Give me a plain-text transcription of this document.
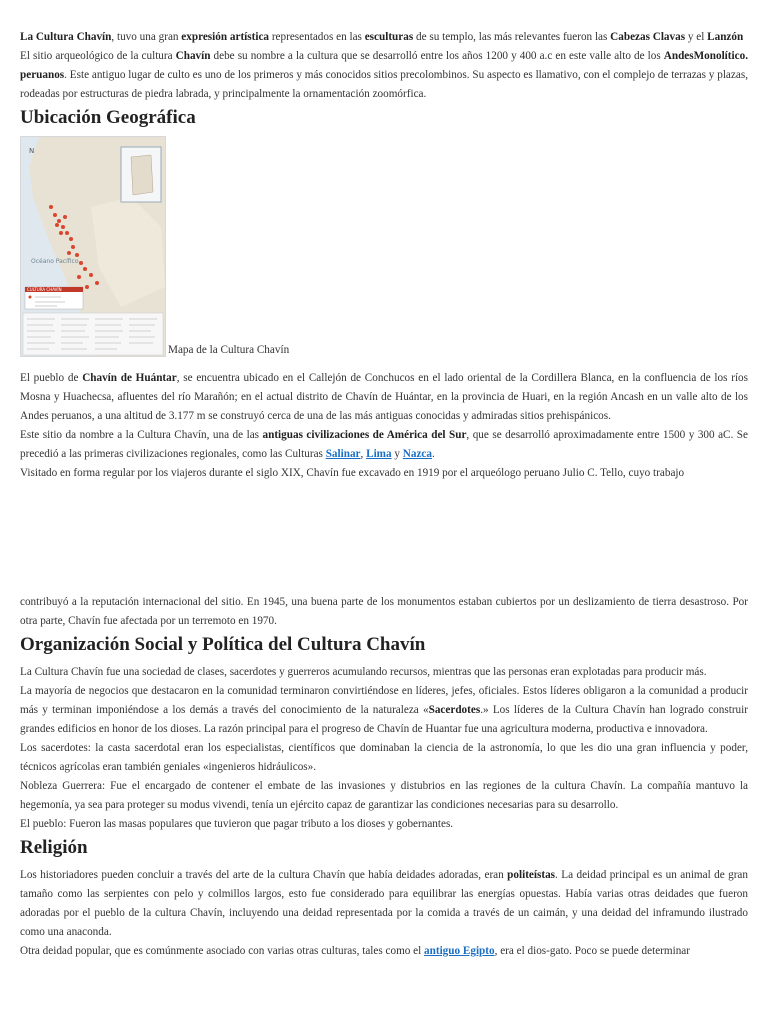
La Cultura Chavín, tuvo una gran expresión artística representados en las esculturas de su templo, las más relevantes fueron las Cabezas Clavas y el Lanzón
Monolítico.

El sitio arqueológico de la cultura Chavín debe su nombre a la cultura que se desarrolló entre los años 1200 y 400 a.c en este valle alto de los Andes peruanos. Este antiguo lugar de culto es uno de los primeros y más conocidos sitios precolombinos. Su aspecto es llamativo, con el complejo de terrazas y plazas, rodeadas por estructuras de piedra labrada, y principalmente la ornamentación zoomórfica.

Ubicación Geográfica
N
Océano Pacífico
CULTURA CHAVÍN
Mapa de la Cultura Chavín

El pueblo de Chavín de Huántar, se encuentra ubicado en el Callejón de Conchucos en el lado oriental de la Cordillera Blanca, en la confluencia de los ríos Mosna y Huachecsa, afluentes del río Marañón; en el actual distrito de Chavín de Huántar, en la provincia de Huari, en la región Ancash en un valle alto de los Andes peruanos, a una altitud de 3.177 m se construyó cerca de una de las más antiguas conocidas y admiradas sitios prehispánicos.

Este sitio da nombre a la Cultura Chavín, una de las antiguas civilizaciones de América del Sur, que se desarrolló aproximadamente entre 1500 y 300 aC. Se precedió a las primeras civilizaciones regionales, como las Culturas Salinar, Lima y Nazca.

Visitado en forma regular por los viajeros durante el siglo XIX, Chavín fue excavado en 1919 por el arqueólogo peruano Julio C. Tello, cuyo trabajo

contribuyó a la reputación internacional del sitio. En 1945, una buena parte de los monumentos estaban cubiertos por un deslizamiento de tierra desastroso. Por otra parte, Chavín fue afectada por un terremoto en 1970.

Organización Social y Política del Cultura Chavín

La Cultura Chavín fue una sociedad de clases, sacerdotes y guerreros acumulando recursos, mientras que las personas eran explotadas para producir más.

La mayoría de negocios que destacaron en la comunidad terminaron convirtiéndose en líderes, jefes, oficiales. Estos líderes obligaron a la comunidad a producir más y terminan imponiéndose a los demás a través del conocimiento de la naturaleza «Sacerdotes.» Los líderes de la Cultura Chavín han logrado construir grandes edificios en honor de los dioses. La razón principal para el progreso de Chavín de Huantar fue una agricultura moderna, productiva e innovadora.

Los sacerdotes: la casta sacerdotal eran los especialistas, científicos que dominaban la ciencia de la astronomía, lo que les dio una gran influencia y poder, técnicos agrícolas eran también geniales «ingenieros hidráulicos».

Nobleza Guerrera: Fue el encargado de contener el embate de las invasiones y distubrios en las regiones de la cultura Chavín. La compañía mantuvo la hegemonía, ya sea para proteger su modus vivendi, tenía un ejército capaz de garantizar las condiciones necesarias para su desarrollo.

El pueblo: Fueron las masas populares que tuvieron que pagar tributo a los dioses y gobernantes.

Religión

Los historiadores pueden concluir a través del arte de la cultura Chavín que había deidades adoradas, eran politeístas. La deidad principal es un animal de gran tamaño como las serpientes con pelo y colmillos largos, esto fue considerado para equilibrar las energías opuestas. Había varias otras deidades que fueron adoradas por el pueblo de la cultura Chavín, incluyendo una deidad representada por la comida a través de un caimán, y una deidad del inframundo ilustrado como una anaconda.

Otra deidad popular, que es comúnmente asociado con varias otras culturas, tales como el antiguo Egipto, era el dios-gato. Poco se puede determinar
